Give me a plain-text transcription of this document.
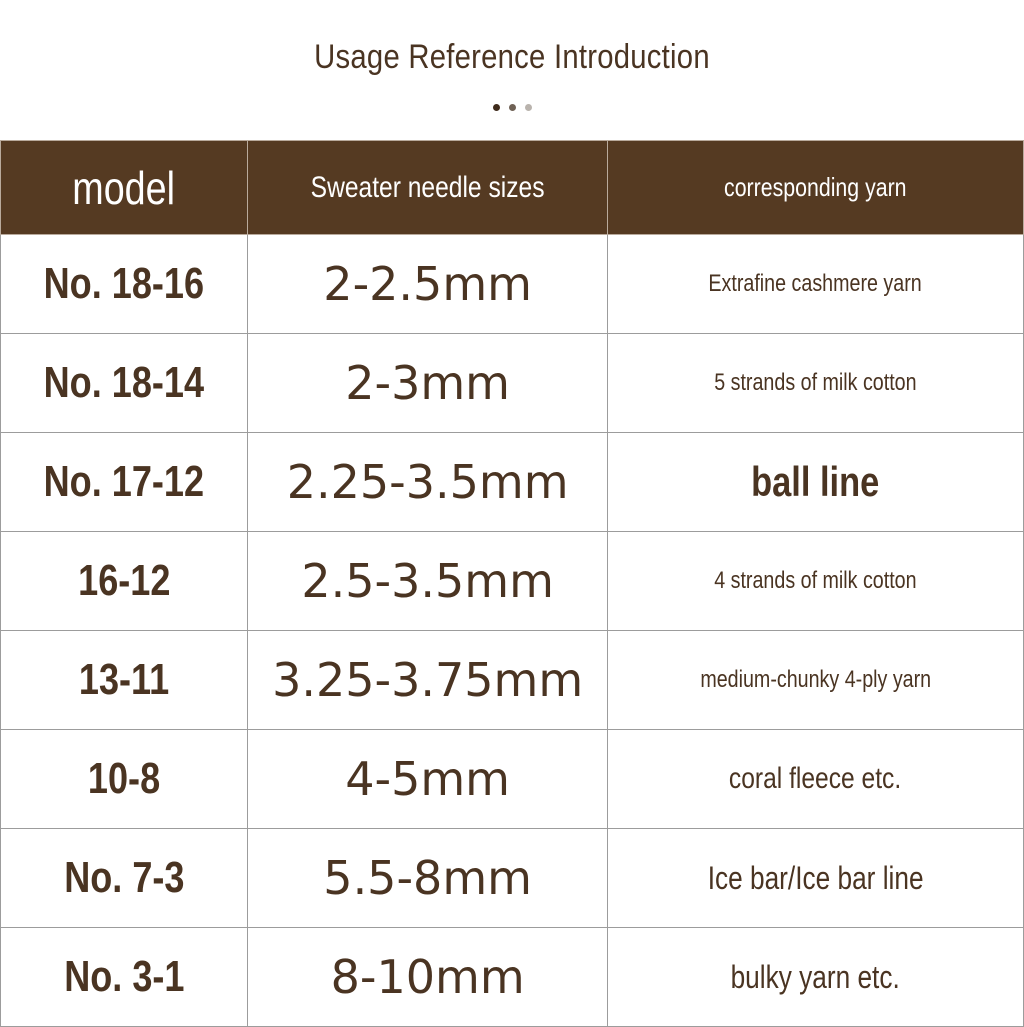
Usage Reference Introduction
model	Sweater needle sizes	corresponding yarn
No. 18-16	2-2.5mm	Extrafine cashmere yarn
No. 18-14	2-3mm	5 strands of milk cotton
No. 17-12	2.25-3.5mm	ball line
16-12	2.5-3.5mm	4 strands of milk cotton
13-11	3.25-3.75mm	medium-chunky 4-ply yarn
10-8	4-5mm	coral fleece etc.
No. 7-3	5.5-8mm	Ice bar/Ice bar line
No. 3-1	8-10mm	bulky yarn etc.
